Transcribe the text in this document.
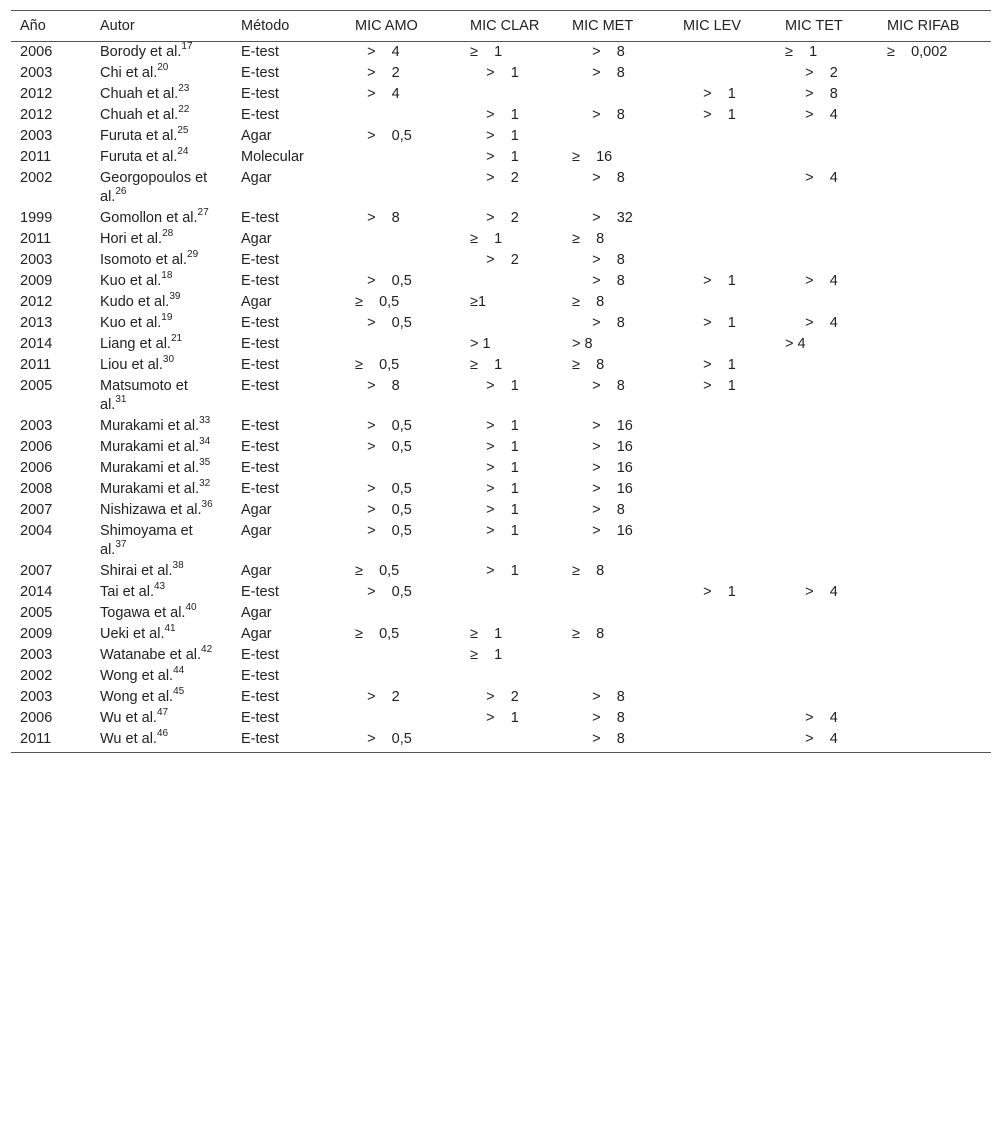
Año	Autor	Método	MIC AMO	MIC CLAR	MIC MET	MIC LEV	MIC TET	MIC RIFAB
2006	Borody et al.$^{17}$	E-test	>    4	≥    1	>    8		≥    1	≥    0,002
2003	Chi et al.$^{20}$	E-test	>    2	>    1	>    8		>    2	
2012	Chuah et al.$^{23}$	E-test	>    4			>    1	>    8	
2012	Chuah et al.$^{22}$	E-test		>    1	>    8	>    1	>    4	
2003	Furuta et al.$^{25}$	Agar	>    0,5	>    1				
2011	Furuta et al.$^{24}$	Molecular		>    1	≥    16			
2002	Georgopoulos et al.$^{26}$	Agar		>    2	>    8		>    4	
1999	Gomollon et al.$^{27}$	E-test	>    8	>    2	>    32			
2011	Hori et al.$^{28}$	Agar		≥    1	≥    8			
2003	Isomoto et al.$^{29}$	E-test		>    2	>    8			
2009	Kuo et al.$^{18}$	E-test	>    0,5		>    8	>    1	>    4	
2012	Kudo et al.$^{39}$	Agar	≥    0,5	≥1	≥    8			
2013	Kuo et al.$^{19}$	E-test	>    0,5		>    8	>    1	>    4	
2014	Liang et al.$^{21}$	E-test		> 1	> 8		> 4	
2011	Liou et al.$^{30}$	E-test	≥    0,5	≥    1	≥    8	>    1		
2005	Matsumoto et al.$^{31}$	E-test	>    8	>    1	>    8	>    1		
2003	Murakami et al.$^{33}$	E-test	>    0,5	>    1	>    16			
2006	Murakami et al.$^{34}$	E-test	>    0,5	>    1	>    16			
2006	Murakami et al.$^{35}$	E-test		>    1	>    16			
2008	Murakami et al.$^{32}$	E-test	>    0,5	>    1	>    16			
2007	Nishizawa et al.$^{36}$	Agar	>    0,5	>    1	>    8			
2004	Shimoyama et al.$^{37}$	Agar	>    0,5	>    1	>    16			
2007	Shirai et al.$^{38}$	Agar	≥    0,5	>    1	≥    8			
2014	Tai et al.$^{43}$	E-test	>    0,5			>    1	>    4	
2005	Togawa et al.$^{40}$	Agar						
2009	Ueki et al.$^{41}$	Agar	≥    0,5	≥    1	≥    8			
2003	Watanabe et al.$^{42}$	E-test		≥    1				
2002	Wong et al.$^{44}$	E-test						
2003	Wong et al.$^{45}$	E-test	>    2	>    2	>    8			
2006	Wu et al.$^{47}$	E-test		>    1	>    8		>    4	
2011	Wu et al.$^{46}$	E-test	>    0,5		>    8		>    4	
